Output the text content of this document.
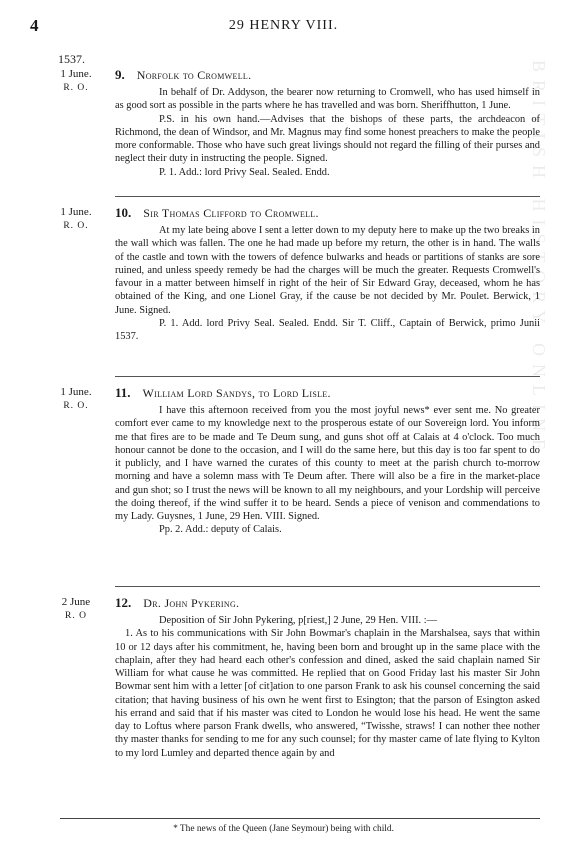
BRITISH HISTORY ONLINE
4	29 HENRY VIII.
1537.
1 June.
R. O.
9. Norfolk to Cromwell.

In behalf of Dr. Addyson, the bearer now returning to Cromwell, who has used himself in as good sort as possible in the parts where he has travelled and was born. Sheriffhutton, 1 June.

P.S. in his own hand.—Advises that the bishops of these parts, the archdeacon of Richmond, the dean of Windsor, and Mr. Magnus may find some honest preachers to make the people more conformable. Those who have such great livings should not regard the filling of their purses and neglect their duty in instructing the people. Signed.

P. 1. Add.: lord Privy Seal. Sealed. Endd.

1 June.
R. O.
10. Sir Thomas Clifford to Cromwell.

At my late being above I sent a letter down to my deputy here to make up the two breaks in the wall which was fallen. The one he had made up before my return, the other is in hand. The walls of the castle and town with the towers of defence bulwarks and heads or partitions of stanks are sore ruined, and unless speedy remedy be had the charges will be much the greater. Requests Cromwell's favour in a matter between himself in right of the heir of Sir Edward Gray, deceased, whom he has obtained of the King, and one Lionel Gray, if the cause be not decided by Mr. Poulet. Berwick, 1 June. Signed.

P. 1. Add. lord Privy Seal. Sealed. Endd. Sir T. Cliff., Captain of Berwick, primo Junii 1537.

1 June.
R. O.
11. William Lord Sandys, to Lord Lisle.

I have this afternoon received from you the most joyful news* ever sent me. No greater comfort ever came to my knowledge next to the prosperous estate of our Sovereign lord. You inform me that fires are to be made and Te Deum sung, and guns shot off at Calais at 4 o'clock. Too much honour cannot be done to the occasion, and I will do the same here, but this day is too far spent to do it publicly, and I have warned the curates of this county to meet at the parish church to-morrow morning and have a solemn mass with Te Deum after. There will also be a fire in the market-place and gun shot; so I trust the news will be known to all my neighbours, and your Lordship will perceive the doing thereof, if the wind suffer it to be heard. Sends a piece of venison and commendations to my Lady. Guysnes, 1 June, 29 Hen. VIII. Signed.

Pp. 2. Add.: deputy of Calais.

2 June
R. O
12. Dr. John Pykering.

Deposition of Sir John Pykering, p[riest,] 2 June, 29 Hen. VIII. :—

1. As to his communications with Sir John Bowmar's chaplain in the Marshalsea, says that within 10 or 12 days after his commitment, he, having been born and brought up in the same place with the chaplain, after they had heard each other's confession and dined, asked the said chaplain named Sir William for what cause he was committed. He replied that on Good Friday last his master Sir John Bowmar sent him with a letter [of cit]ation to one parson Frank to ask his counsel concerning the said citation; that having business of his own he went first to Esington; that the parson of Esington asked his errand and said that if his master was cited to London he would lose his head. He went the same day to Loftus where parson Frank dwells, who answered, “Twisshe, straws! I can nother thee nother thy master thanks for sending to me for any such counsel; for thy master came of late flying to Kylton to my lord Lumley and departed thence again by and

* The news of the Queen (Jane Seymour) being with child.
